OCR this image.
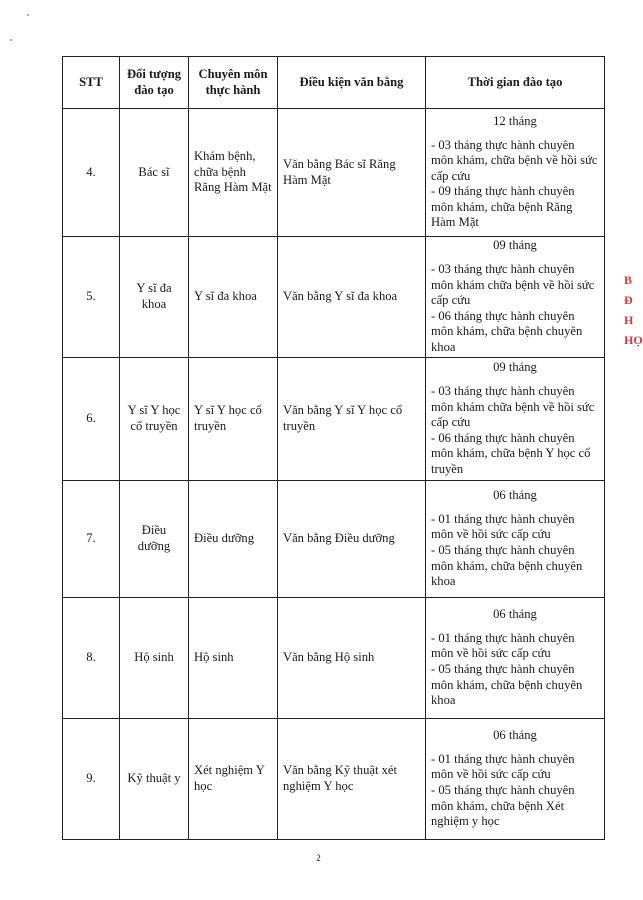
STT	Đối tượng đào tạo	Chuyên môn thực hành	Điều kiện văn bằng	Thời gian đào tạo
4.	Bác sĩ	Khám bệnh, chữa bệnh Răng Hàm Mặt	Văn bằng Bác sĩ Răng Hàm Mặt	12 tháng
- 03 tháng thực hành chuyên môn khám, chữa bệnh về hồi sức cấp cứu
- 09 tháng thực hành chuyên môn khám, chữa bệnh Răng Hàm Mặt

5.	Y sĩ đa khoa	Y sĩ đa khoa	Văn bằng Y sĩ đa khoa	09 tháng
- 03 tháng thực hành chuyên môn khám chữa bệnh về hồi sức cấp cứu
- 06 tháng thực hành chuyên môn khám, chữa bệnh chuyên khoa

6.	Y sĩ Y học cổ truyền	Y sĩ Y học cổ truyền	Văn bằng Y sĩ Y học cổ truyền	09 tháng
- 03 tháng thực hành chuyên môn khám chữa bệnh về hồi sức cấp cứu
- 06 tháng thực hành chuyên môn khám, chữa bệnh Y học cổ truyền

7.	Điều dưỡng	Điều dưỡng	Văn bằng Điều dưỡng	06 tháng
- 01 tháng thực hành chuyên môn về hồi sức cấp cứu
- 05 tháng thực hành chuyên môn khám, chữa bệnh chuyên khoa

8.	Hộ sinh	Hộ sinh	Văn bằng Hộ sinh	06 tháng
- 01 tháng thực hành chuyên môn về hồi sức cấp cứu
- 05 tháng thực hành chuyên môn khám, chữa bệnh chuyên khoa

9.	Kỹ thuật y	Xét nghiệm Y học	Văn bằng Kỹ thuật xét nghiệm Y học	06 tháng
- 01 tháng thực hành chuyên môn về hồi sức cấp cứu
- 05 tháng thực hành chuyên môn khám, chữa bệnh Xét nghiệm y học
B
Đ
H
HỌ
2
